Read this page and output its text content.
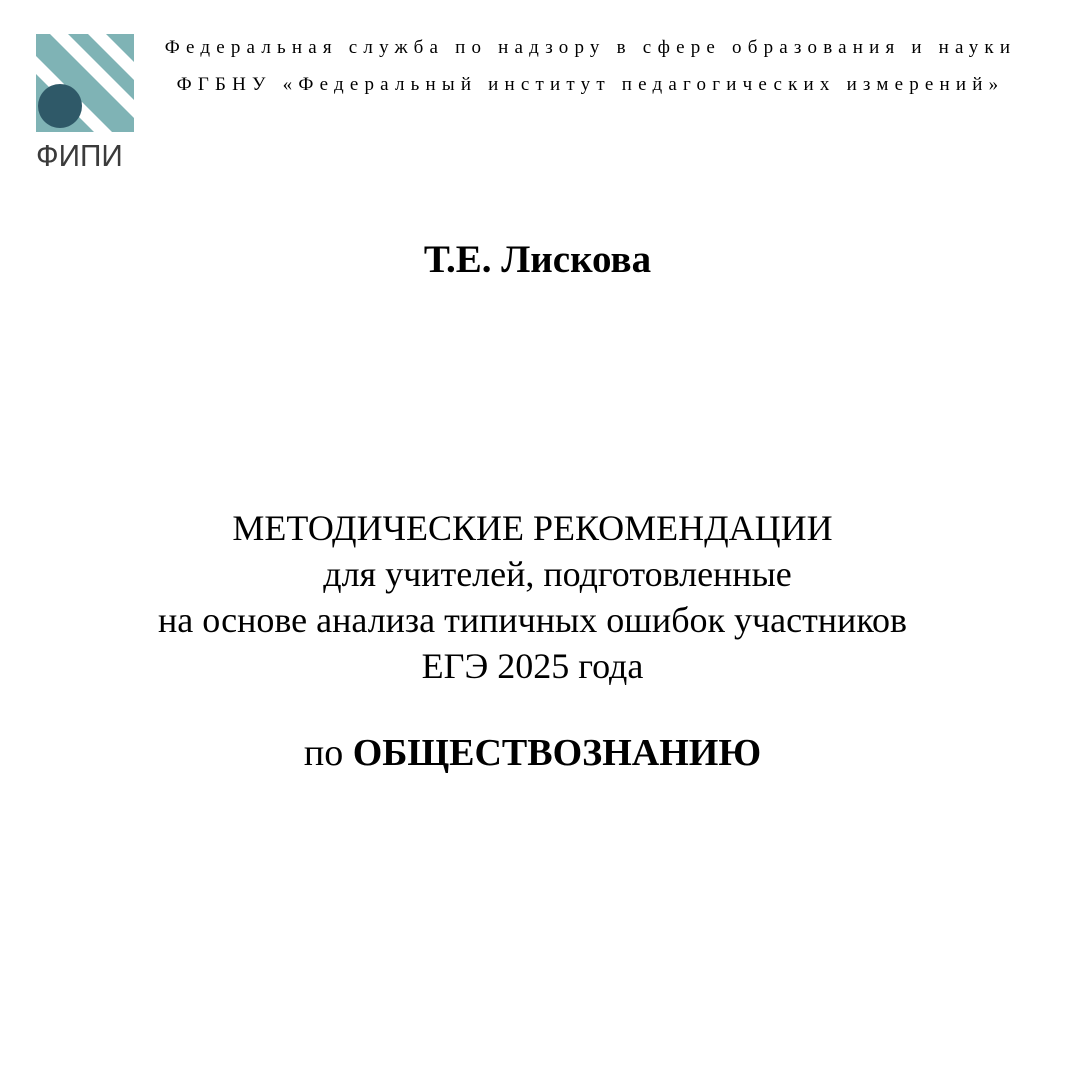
ФИПИ
Федеральная служба по надзору в сфере образования и науки
ФГБНУ «Федеральный институт педагогических измерений»
Т.Е. Лискова
МЕТОДИЧЕСКИЕ РЕКОМЕНДАЦИИ
для учителей, подготовленные
на основе анализа типичных ошибок участников
ЕГЭ 2025 года
по ОБЩЕСТВОЗНАНИЮ
